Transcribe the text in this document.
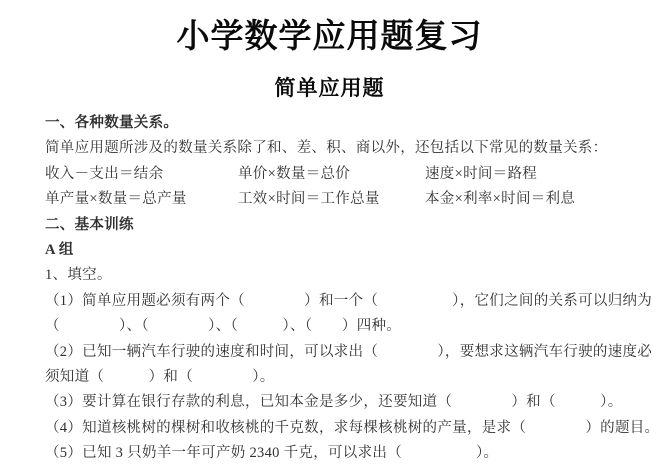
小学数学应用题复习
简单应用题
一、各种数量关系。
简单应用题所涉及的数量关系除了和、差、积、商以外，还包括以下常见的数量关系：
收入－支出＝结余	单价×数量＝总价	速度×时间＝路程
单产量×数量＝总产量	工效×时间＝工作总量	本金×利率×时间＝利息
二、基本训练
A 组
1、填空。
（1）简单应用题必须有两个（　　　　）和一个（　　　　　），它们之间的关系可以归纳为
（　　　　）、（　　　　）、（　　　）、（　　）四种。
（2）已知一辆汽车行驶的速度和时间，可以求出（　　　　），要想求这辆汽车行驶的速度必
须知道（　　　）和（　　　　）。
（3）要计算在银行存款的利息，已知本金是多少，还要知道（　　　　）和（　　　）。
（4）知道核桃树的棵树和收核桃的千克数，求每棵核桃树的产量，是求（　　　　）的题目。
（5）已知 3 只奶羊一年可产奶 2340 千克，可以求出（　　　　　）。
